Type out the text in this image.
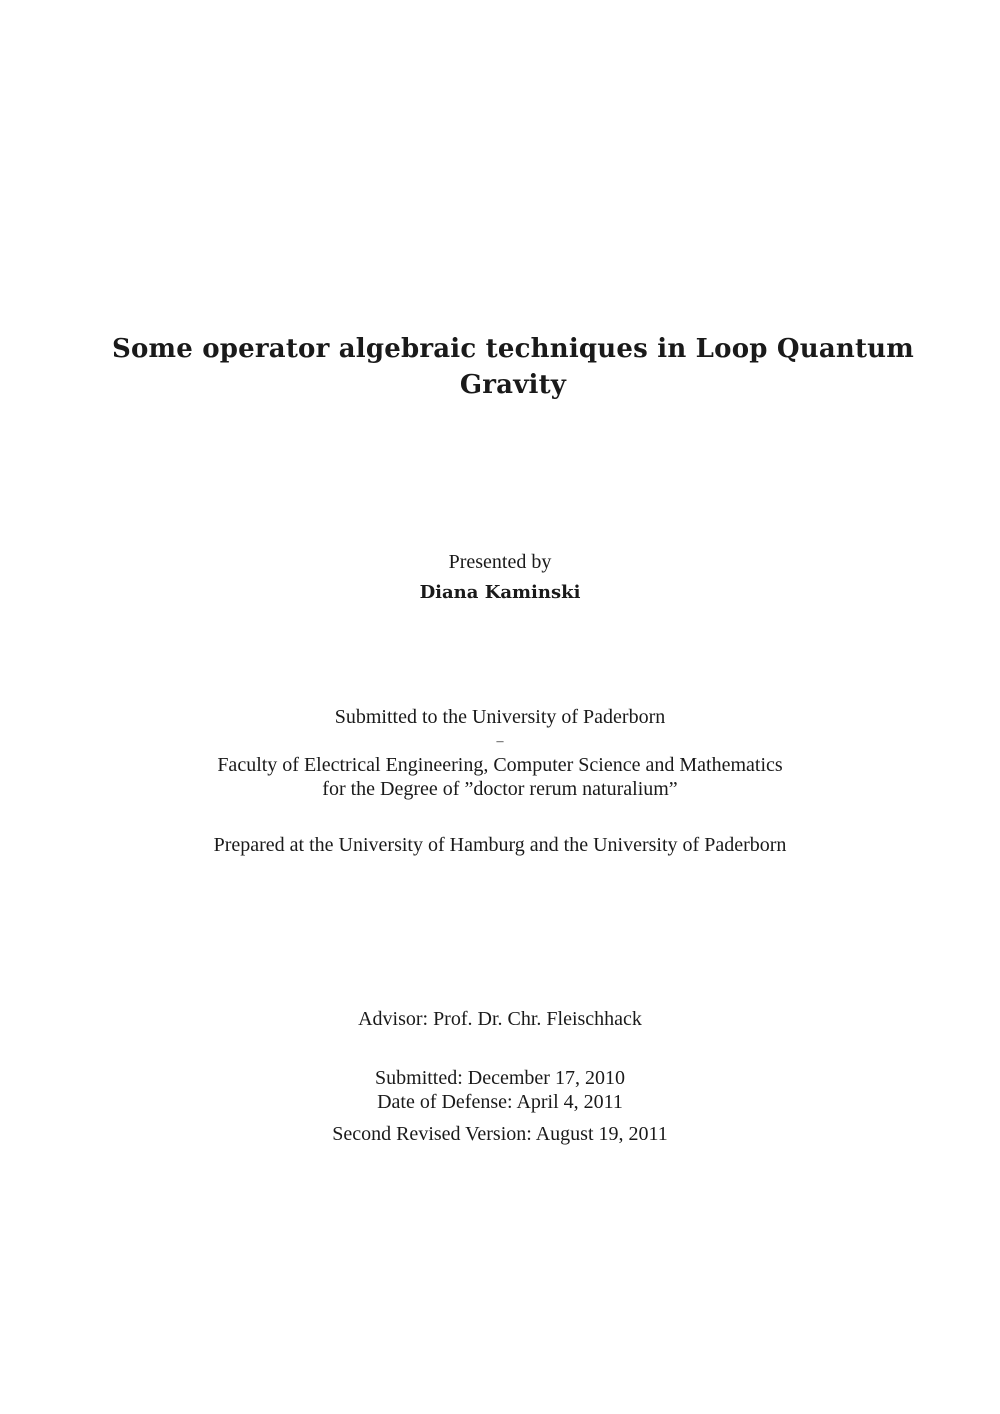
Some operator algebraic techniques in Loop Quantum Gravity
Presented by
Diana Kaminski
Submitted to the University of Paderborn
–
Faculty of Electrical Engineering, Computer Science and Mathematics
for the Degree of ”doctor rerum naturalium”
Prepared at the University of Hamburg and the University of Paderborn
Advisor: Prof. Dr. Chr. Fleischhack
Submitted: December 17, 2010
Date of Defense: April 4, 2011
Second Revised Version: August 19, 2011
